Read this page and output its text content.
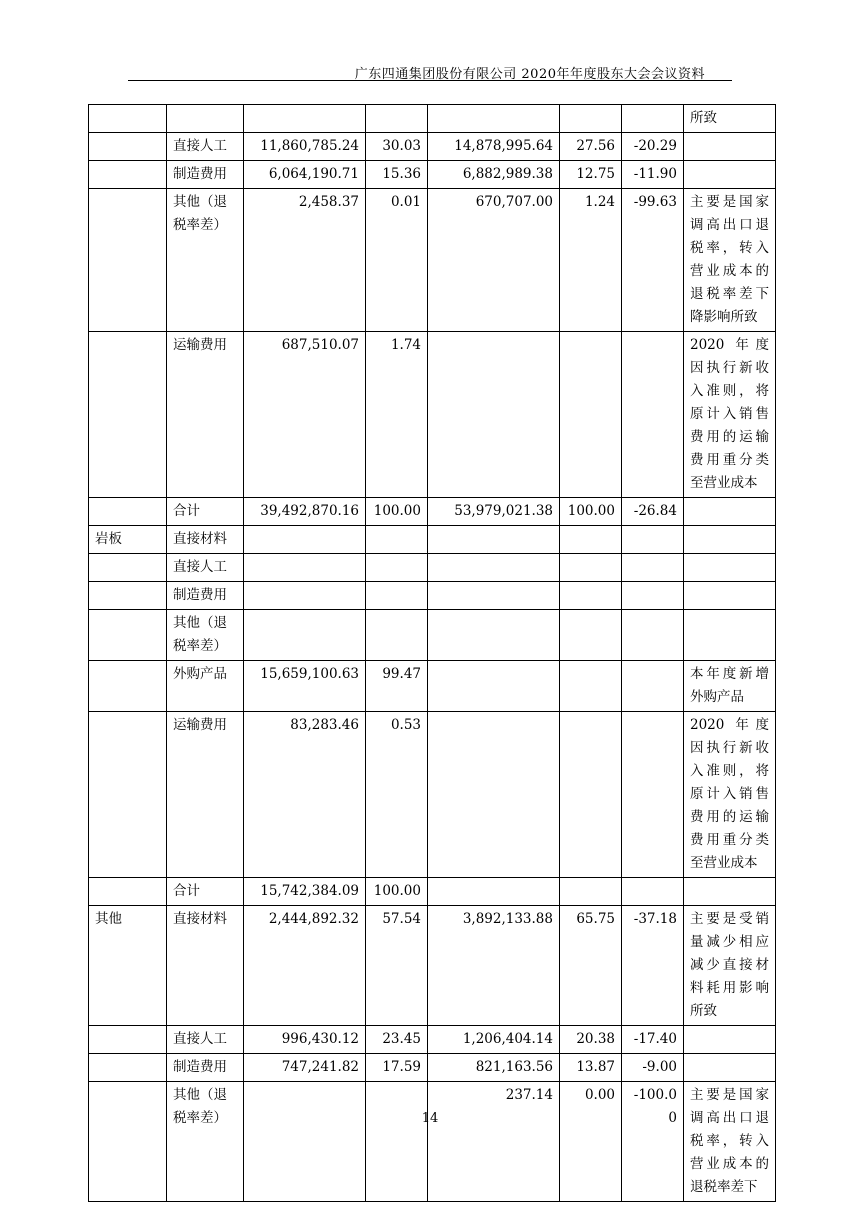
广东四通集团股份有限公司 2020年年度股东大会会议资料
							所致
	直接人工	11,860,785.24	30.03	14,878,995.64	27.56	-20.29	
	制造费用	6,064,190.71	15.36	6,882,989.38	12.75	-11.90	
	其他（退税率差）	2,458.37	0.01	670,707.00	1.24	-99.63	主要是国家调高出口退税率，转入营业成本的退税率差下降影响所致
	运输费用	687,510.07	1.74				2020 年度因执行新收入准则，将原计入销售费用的运输费用重分类至营业成本
	合计	39,492,870.16	100.00	53,979,021.38	100.00	-26.84	
岩板	直接材料						
	直接人工						
	制造费用						
	其他（退税率差）						
	外购产品	15,659,100.63	99.47				本年度新增外购产品
	运输费用	83,283.46	0.53				2020 年度因执行新收入准则，将原计入销售费用的运输费用重分类至营业成本
	合计	15,742,384.09	100.00				
其他	直接材料	2,444,892.32	57.54	3,892,133.88	65.75	-37.18	主要是受销量减少相应减少直接材料耗用影响所致
	直接人工	996,430.12	23.45	1,206,404.14	20.38	-17.40	
	制造费用	747,241.82	17.59	821,163.56	13.87	-9.00	
	其他（退税率差）			237.14	0.00	-100.00	主要是国家调高出口退税率，转入营业成本的退税率差下
14
